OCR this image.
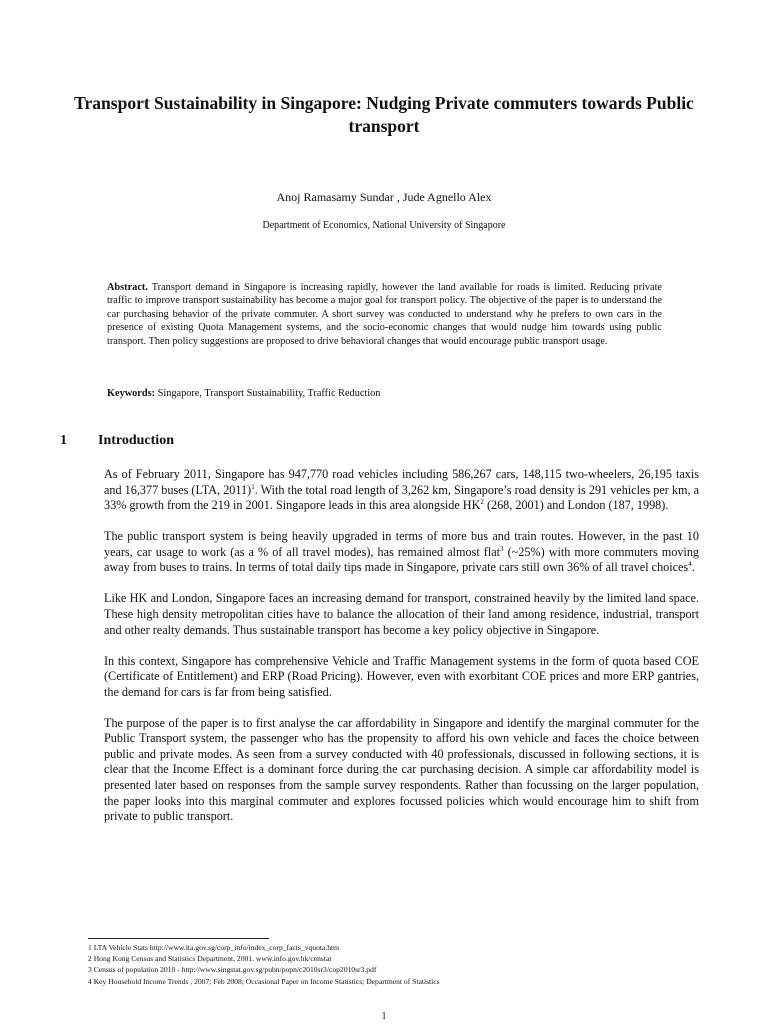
Transport Sustainability in Singapore: Nudging Private commuters towards Public transport
Anoj Ramasamy Sundar , Jude Agnello Alex
Department of Economics, National University of Singapore
Abstract. Transport demand in Singapore is increasing rapidly, however the land available for roads is limited. Reducing private traffic to improve transport sustainability has become a major goal for transport policy. The objective of the paper is to understand the car purchasing behavior of the private commuter. A short survey was conducted to understand why he prefers to own cars in the presence of existing Quota Management systems, and the socio-economic changes that would nudge him towards using public transport. Then policy suggestions are proposed to drive behavioral changes that would encourage public transport usage.
Keywords: Singapore, Transport Sustainability, Traffic Reduction
1 Introduction

As of February 2011, Singapore has 947,770 road vehicles including 586,267 cars, 148,115 two-wheelers, 26,195 taxis and 16,377 buses (LTA, 2011)$^1$. With the total road length of 3,262 km, Singapore’s road density is 291 vehicles per km, a 33% growth from the 219 in 2001. Singapore leads in this area alongside $HK^2$ (268, 2001) and London (187, 1998).

The public transport system is being heavily upgraded in terms of more bus and train routes. However, in the past 10 years, car usage to work (as a % of all travel modes), has remained almost flat$^3$ (~25%) with more commuters moving away from buses to trains. In terms of total daily tips made in Singapore, private cars still own 36% of all travel choices$^4$.

Like HK and London, Singapore faces an increasing demand for transport, constrained heavily by the limited land space. These high density metropolitan cities have to balance the allocation of their land among residence, industrial, transport and other realty demands. Thus sustainable transport has become a key policy objective in Singapore.

In this context, Singapore has comprehensive Vehicle and Traffic Management systems in the form of quota based COE (Certificate of Entitlement) and ERP (Road Pricing). However, even with exorbitant COE prices and more ERP gantries, the demand for cars is far from being satisfied.

The purpose of the paper is to first analyse the car affordability in Singapore and identify the marginal commuter for the Public Transport system, the passenger who has the propensity to afford his own vehicle and faces the choice between public and private modes. As seen from a survey conducted with 40 professionals, discussed in following sections, it is clear that the Income Effect is a dominant force during the car purchasing decision. A simple car affordability model is presented later based on responses from the sample survey respondents. Rather than focussing on the larger population, the paper looks into this marginal commuter and explores focussed policies which would encourage him to shift from private to public transport.

1 LTA Vehicle Stats http://www.lta.gov.sg/corp_info/index_corp_facts_vquota.htm
2 Hong Kong Census and Statistics Department, 2001. www.info.gov.hk/censtat
3 Census of population 2010 - http://www.singstat.gov.sg/pubn/popn/c2010sr3/cop2010sr3.pdf
4 Key Household Income Trends , 2007; Feb 2008; Occasional Paper on Income Statistics; Department of Statistics
1
